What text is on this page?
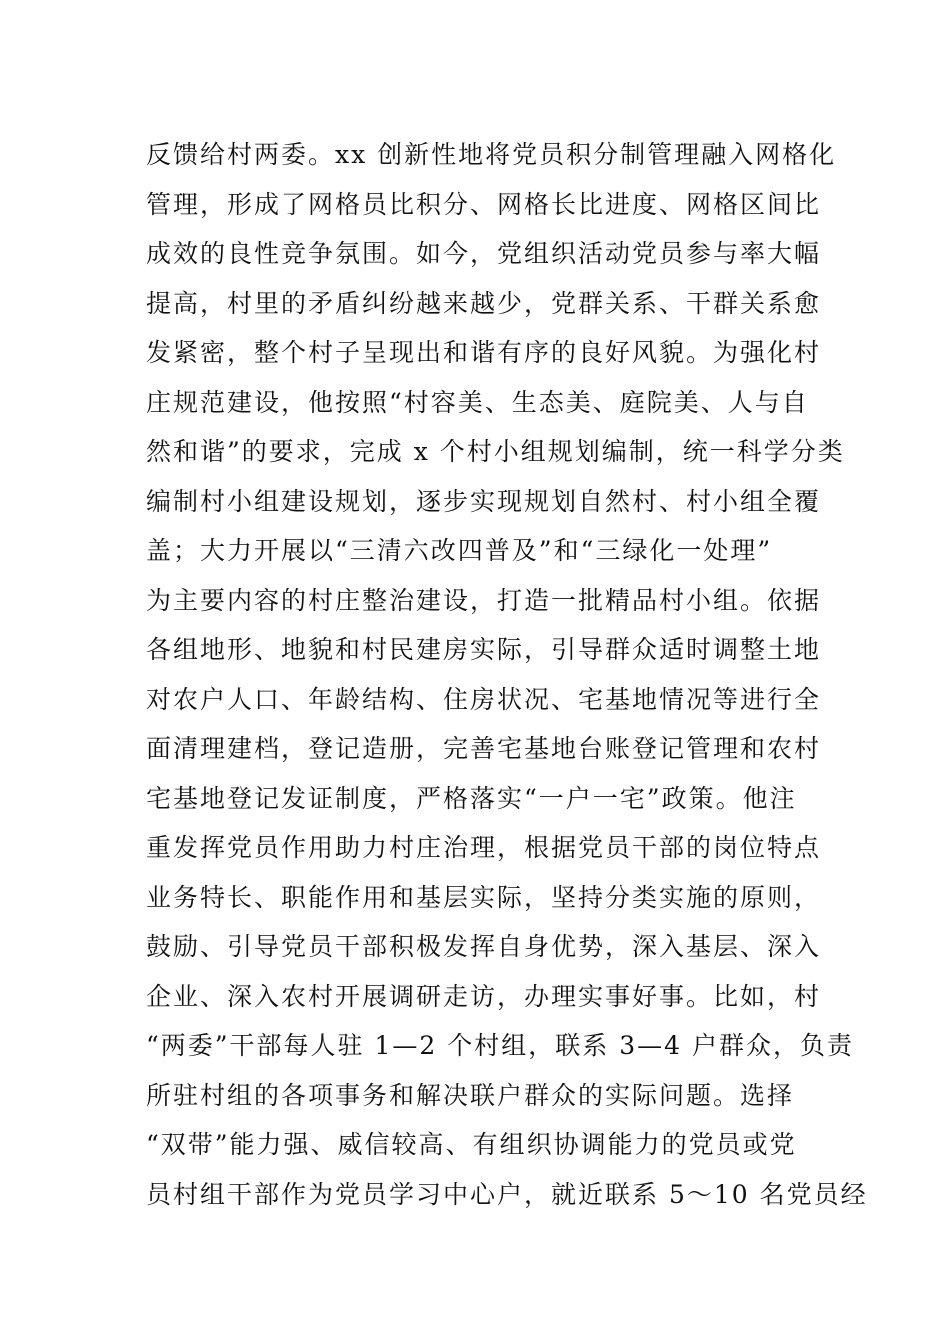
反馈给村两委。xx 创新性地将党员积分制管理融入网格化
管理，形成了网格员比积分、网格长比进度、网格区间比
成效的良性竞争氛围。如今，党组织活动党员参与率大幅
提高，村里的矛盾纠纷越来越少，党群关系、干群关系愈
发紧密，整个村子呈现出和谐有序的良好风貌。为强化村
庄规范建设，他按照“村容美、生态美、庭院美、人与自
然和谐”的要求，完成 x 个村小组规划编制，统一科学分类
编制村小组建设规划，逐步实现规划自然村、村小组全覆
盖；大力开展以“三清六改四普及”和“三绿化一处理”
为主要内容的村庄整治建设，打造一批精品村小组。依据
各组地形、地貌和村民建房实际，引导群众适时调整土地
对农户人口、年龄结构、住房状况、宅基地情况等进行全
面清理建档，登记造册，完善宅基地台账登记管理和农村
宅基地登记发证制度，严格落实“一户一宅”政策。他注
重发挥党员作用助力村庄治理，根据党员干部的岗位特点
业务特长、职能作用和基层实际，坚持分类实施的原则，
鼓励、引导党员干部积极发挥自身优势，深入基层、深入
企业、深入农村开展调研走访，办理实事好事。比如，村
“两委”干部每人驻 1—2 个村组，联系 3—4 户群众，负责
所驻村组的各项事务和解决联户群众的实际问题。选择
“双带”能力强、威信较高、有组织协调能力的党员或党
员村组干部作为党员学习中心户，就近联系 5～10 名党员经
